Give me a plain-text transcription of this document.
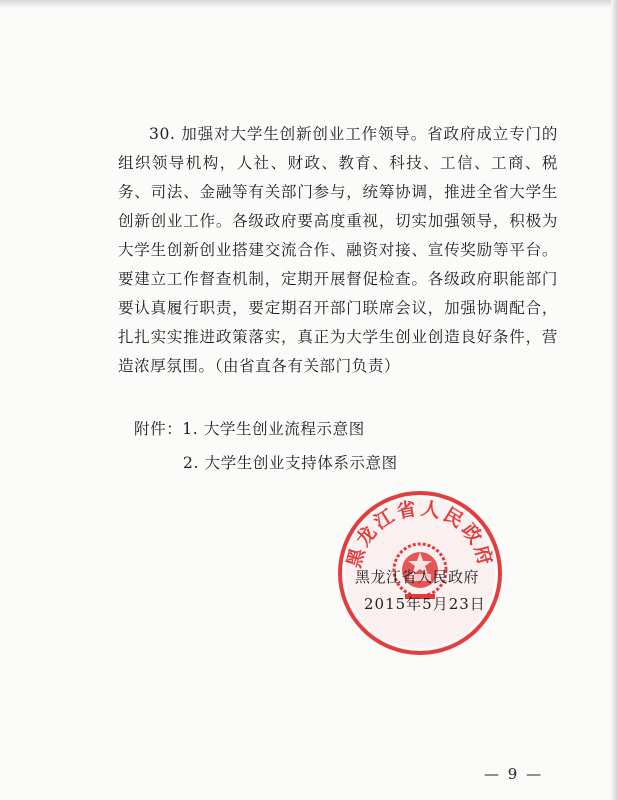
30. 加强对大学生创新创业工作领导。省政府成立专门的组织领导机构，人社、财政、教育、科技、工信、工商、税务、司法、金融等有关部门参与，统筹协调，推进全省大学生创新创业工作。各级政府要高度重视，切实加强领导，积极为大学生创新创业搭建交流合作、融资对接、宣传奖励等平台。要建立工作督查机制，定期开展督促检查。各级政府职能部门要认真履行职责，要定期召开部门联席会议，加强协调配合，扎扎实实推进政策落实，真正为大学生创业创造良好条件，营造浓厚氛围。（由省直各有关部门负责）

附件：1. 大学生创业流程示意图
2. 大学生创业支持体系示意图
黑龙江省人民政府
黑龙江省人民政府
2015年5月23日
— 9 —
